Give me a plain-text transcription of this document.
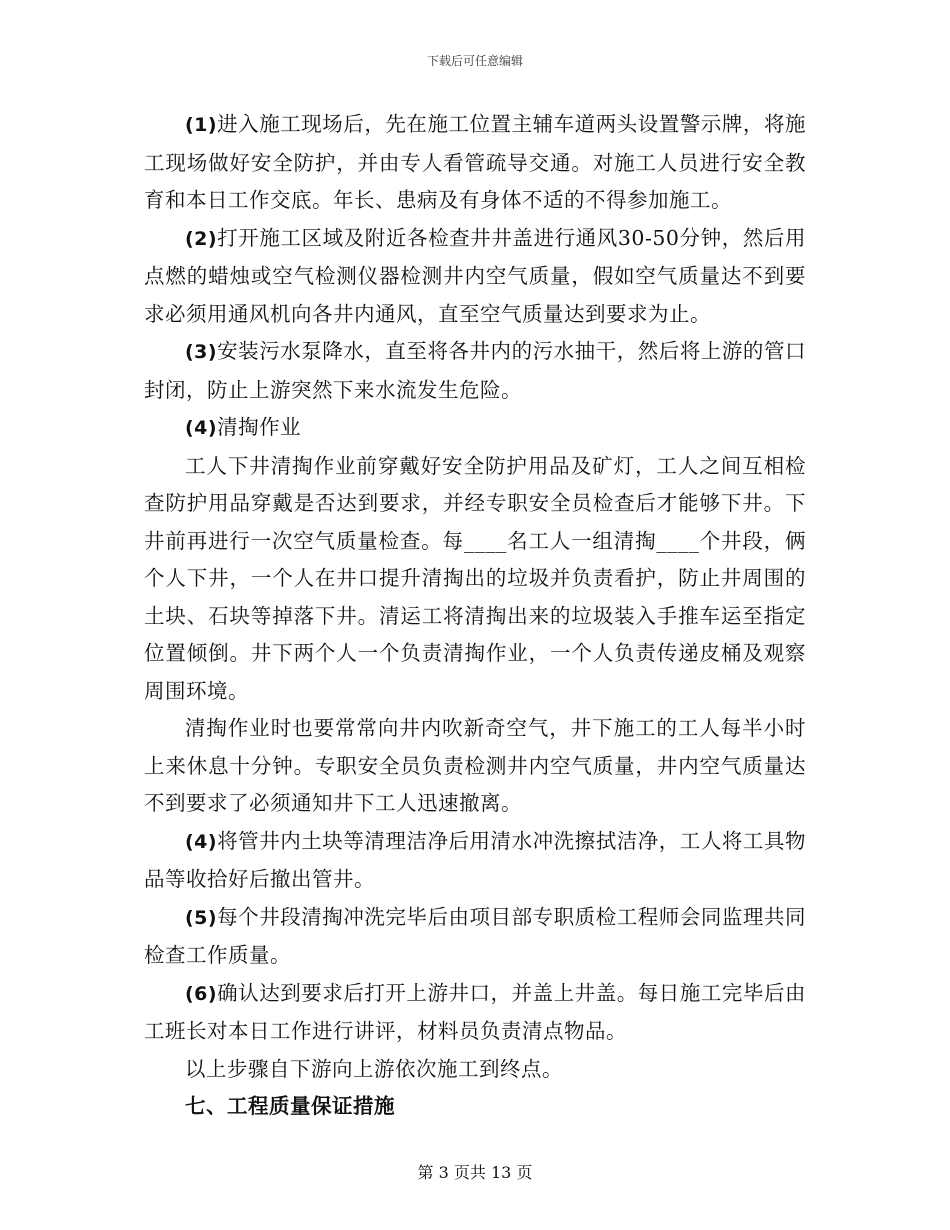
下载后可任意编辑

(1)进入施工现场后，先在施工位置主辅车道两头设置警示牌，将施工现场做好安全防护，并由专人看管疏导交通。对施工人员进行安全教育和本日工作交底。年长、患病及有身体不适的不得参加施工。

(2)打开施工区域及附近各检查井井盖进行通风30-50分钟，然后用点燃的蜡烛或空气检测仪器检测井内空气质量，假如空气质量达不到要求必须用通风机向各井内通风，直至空气质量达到要求为止。

(3)安装污水泵降水，直至将各井内的污水抽干，然后将上游的管口封闭，防止上游突然下来水流发生危险。

(4)清掏作业

工人下井清掏作业前穿戴好安全防护用品及矿灯，工人之间互相检查防护用品穿戴是否达到要求，并经专职安全员检查后才能够下井。下井前再进行一次空气质量检查。每____名工人一组清掏____个井段，俩个人下井，一个人在井口提升清掏出的垃圾并负责看护，防止井周围的土块、石块等掉落下井。清运工将清掏出来的垃圾装入手推车运至指定位置倾倒。井下两个人一个负责清掏作业，一个人负责传递皮桶及观察周围环境。

清掏作业时也要常常向井内吹新奇空气，井下施工的工人每半小时上来休息十分钟。专职安全员负责检测井内空气质量，井内空气质量达不到要求了必须通知井下工人迅速撤离。

(4)将管井内土块等清理洁净后用清水冲洗擦拭洁净，工人将工具物品等收拾好后撤出管井。

(5)每个井段清掏冲洗完毕后由项目部专职质检工程师会同监理共同检查工作质量。

(6)确认达到要求后打开上游井口，并盖上井盖。每日施工完毕后由工班长对本日工作进行讲评，材料员负责清点物品。

以上步骤自下游向上游依次施工到终点。

七、工程质量保证措施

第 3 页共 13 页
